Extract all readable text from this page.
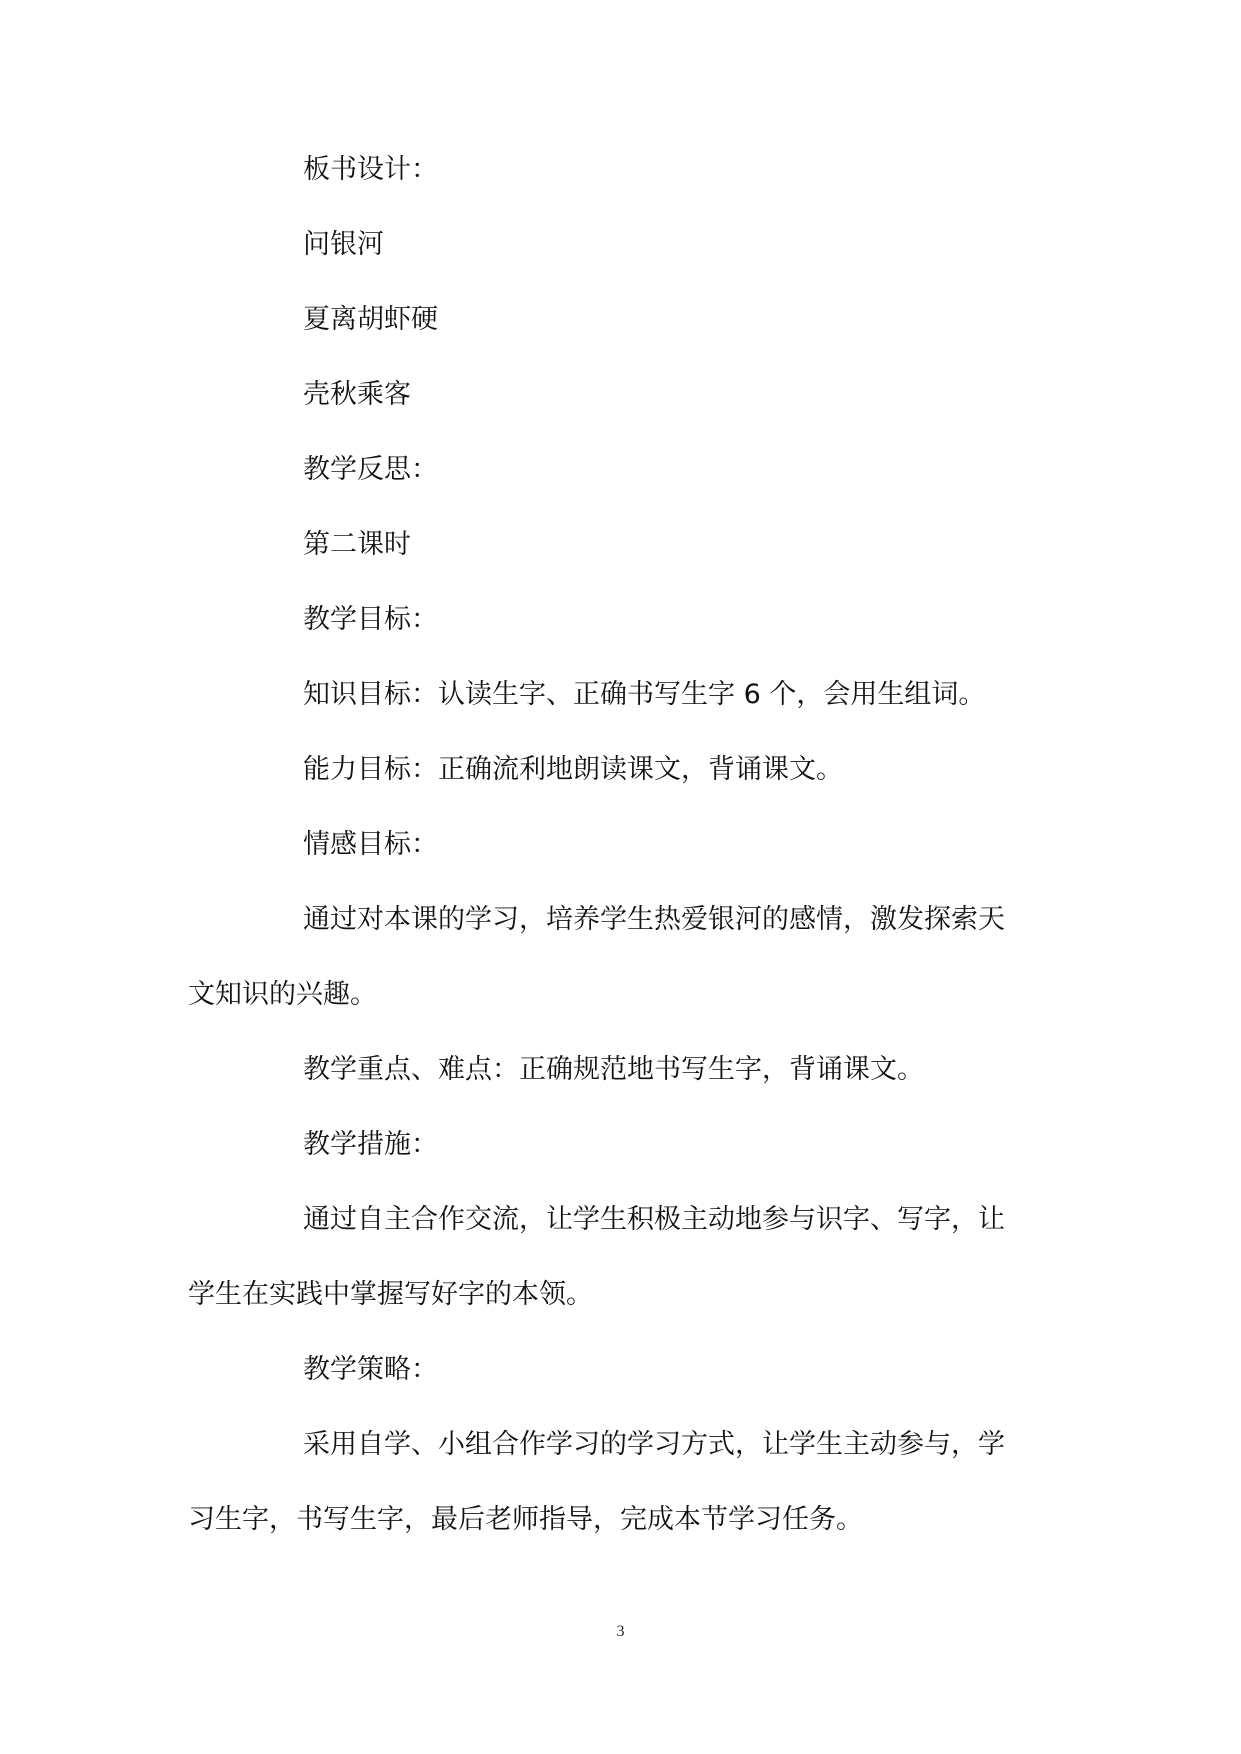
板书设计：
问银河
夏离胡虾硬
壳秋乘客
教学反思：
第二课时
教学目标：
知识目标：认读生字、正确书写生字 6 个，会用生组词。
能力目标：正确流利地朗读课文，背诵课文。
情感目标：
通过对本课的学习，培养学生热爱银河的感情，激发探索天
文知识的兴趣。
教学重点、难点：正确规范地书写生字，背诵课文。
教学措施：
通过自主合作交流，让学生积极主动地参与识字、写字，让
学生在实践中掌握写好字的本领。
教学策略：
采用自学、小组合作学习的学习方式，让学生主动参与，学
习生字，书写生字，最后老师指导，完成本节学习任务。
3
